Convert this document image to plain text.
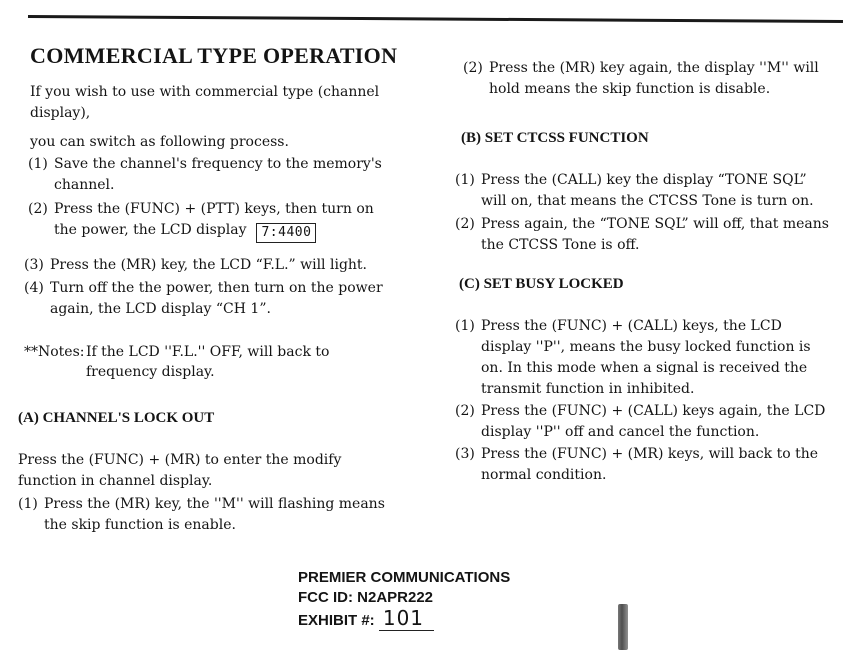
COMMERCIAL TYPE OPERATION

If you wish to use with commercial type (channel display),

you can switch as following process.

(1) Save the channel's frequency to the memory's channel.
(2) Press the (FUNC) + (PTT) keys, then turn on the power, the LCD display 7:4400
(3) Press the (MR) key, the LCD “F.L.” will light.
(4) Turn off the the power, then turn on the power again, the LCD display “CH 1”.
**Notes: If the LCD ''F.L.'' OFF, will back to frequency display.
(A) CHANNEL'S LOCK OUT

Press the (FUNC) + (MR) to enter the modify function in channel display.

(1) Press the (MR) key, the ''M'' will flashing means the skip function is enable.
(2) Press the (MR) key again, the display ''M'' will hold means the skip function is disable.
(B) SET CTCSS FUNCTION
(1) Press the (CALL) key the display “TONE SQL” will on, that means the CTCSS Tone is turn on.
(2) Press again, the “TONE SQL” will off, that means the CTCSS Tone is off.
(C) SET BUSY LOCKED
(1) Press the (FUNC) + (CALL) keys, the LCD display ''P'', means the busy locked function is on. In this mode when a signal is received the transmit function in inhibited.
(2) Press the (FUNC) + (CALL) keys again, the LCD display ''P'' off and cancel the function.
(3) Press the (FUNC) + (MR) keys, will back to the normal condition.
PREMIER COMMUNICATIONS
FCC ID: N2APR222
EXHIBIT #: 101
